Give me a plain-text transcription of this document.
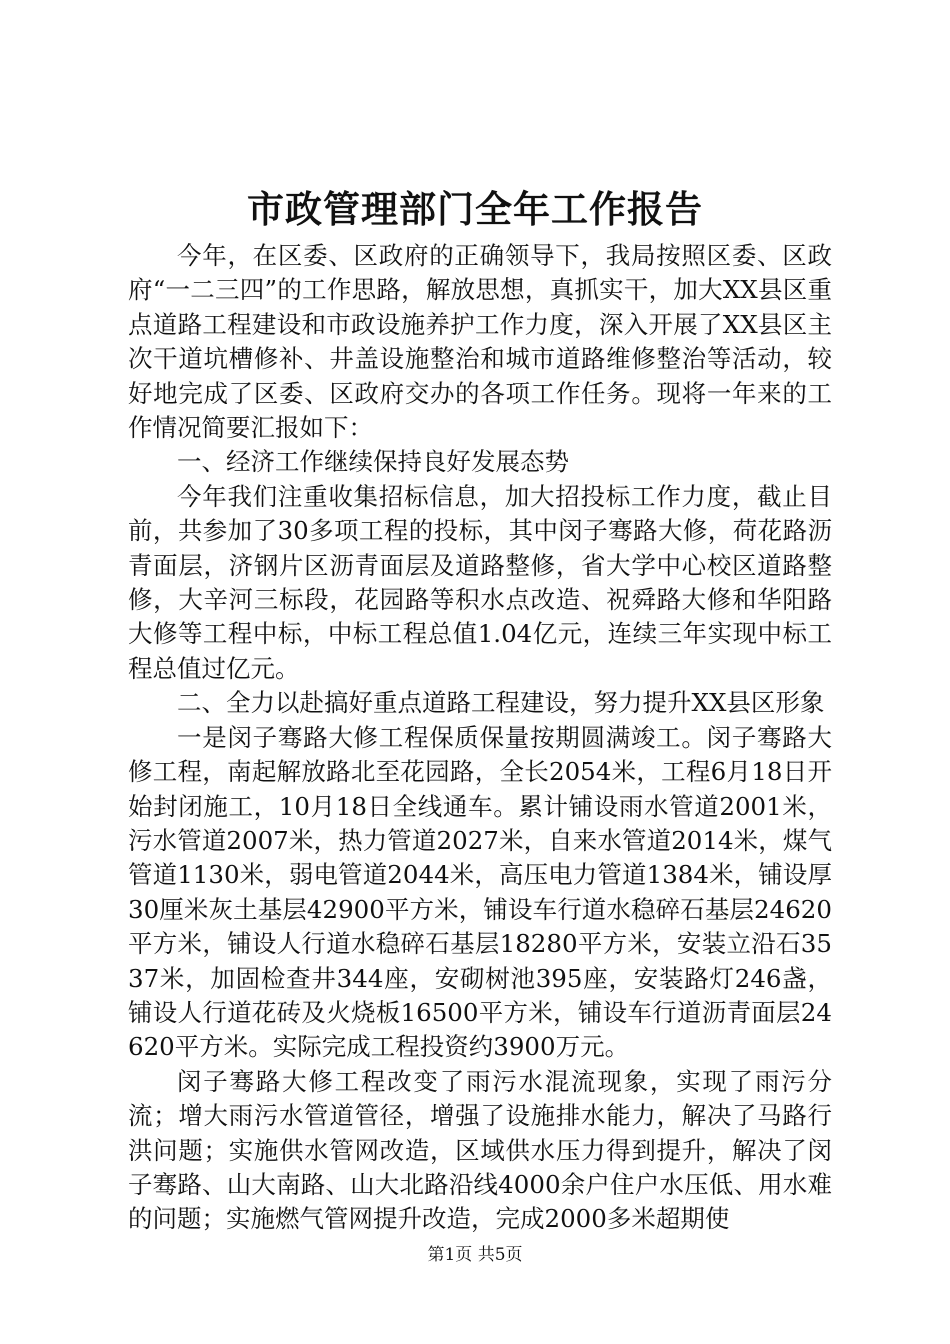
市政管理部门全年工作报告

今年，在区委、区政府的正确领导下，我局按照区委、区政府“一二三四”的工作思路，解放思想，真抓实干，加大XX县区重点道路工程建设和市政设施养护工作力度，深入开展了XX县区主次干道坑槽修补、井盖设施整治和城市道路维修整治等活动，较好地完成了区委、区政府交办的各项工作任务。现将一年来的工作情况简要汇报如下：

一、经济工作继续保持良好发展态势

今年我们注重收集招标信息，加大招投标工作力度，截止目前，共参加了30多项工程的投标，其中闵子骞路大修，荷花路沥青面层，济钢片区沥青面层及道路整修，省大学中心校区道路整修，大辛河三标段，花园路等积水点改造、祝舜路大修和华阳路大修等工程中标，中标工程总值1.04亿元，连续三年实现中标工程总值过亿元。

二、全力以赴搞好重点道路工程建设，努力提升XX县区形象

一是闵子骞路大修工程保质保量按期圆满竣工。闵子骞路大修工程，南起解放路北至花园路，全长2054米，工程6月18日开始封闭施工，10月18日全线通车。累计铺设雨水管道2001米，污水管道2007米，热力管道2027米，自来水管道2014米，煤气管道1130米，弱电管道2044米，高压电力管道1384米，铺设厚30厘米灰土基层42900平方米，铺设车行道水稳碎石基层24620平方米，铺设人行道水稳碎石基层18280平方米，安装立沿石3537米，加固检查井344座，安砌树池395座，安装路灯246盏，铺设人行道花砖及火烧板16500平方米，铺设车行道沥青面层24620平方米。实际完成工程投资约3900万元。

闵子骞路大修工程改变了雨污水混流现象，实现了雨污分流；增大雨污水管道管径，增强了设施排水能力，解决了马路行洪问题；实施供水管网改造，区域供水压力得到提升，解决了闵子骞路、山大南路、山大北路沿线4000余户住户水压低、用水难的问题；实施燃气管网提升改造，完成2000多米超期使

第1页 共5页
